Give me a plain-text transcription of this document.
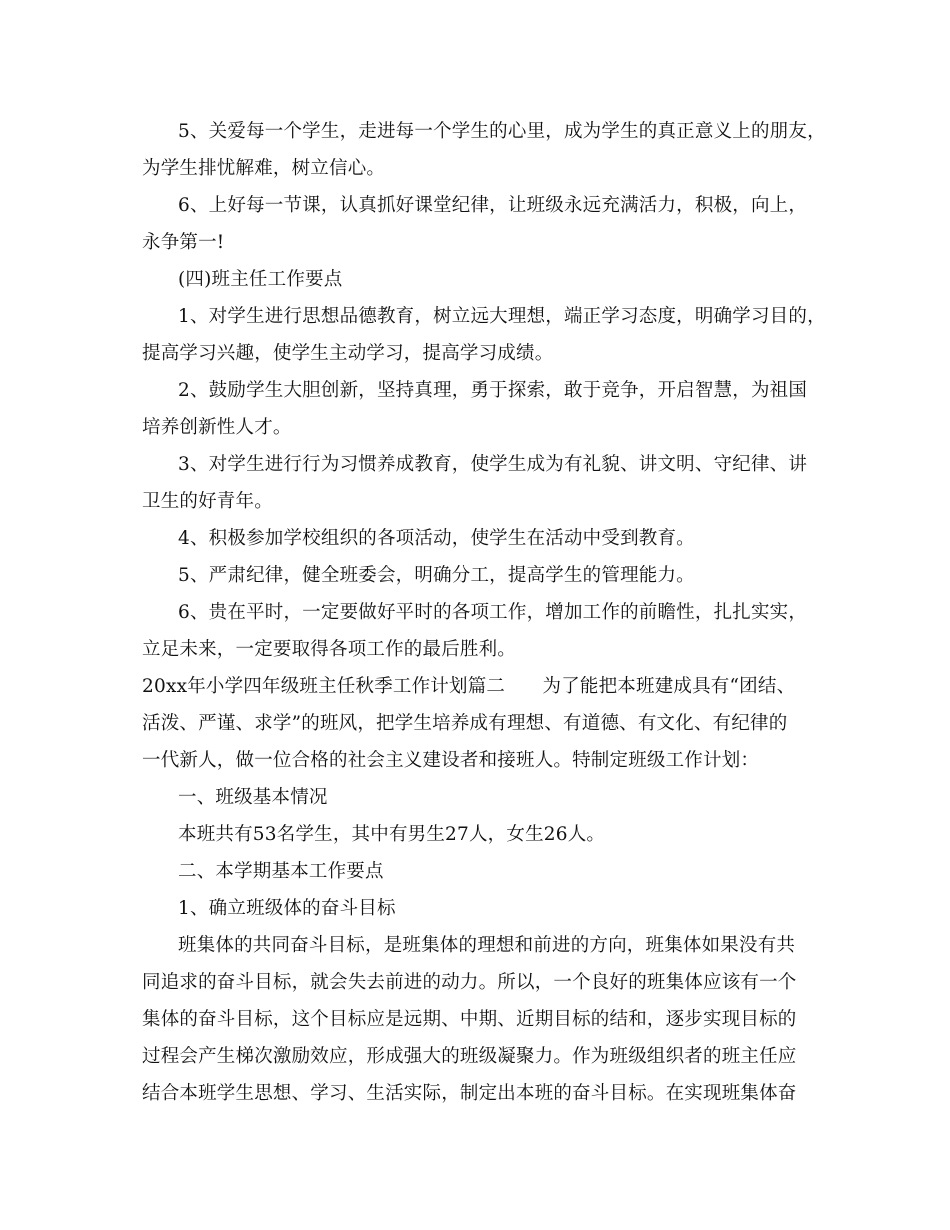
5、关爱每一个学生，走进每一个学生的心里，成为学生的真正意义上的朋友，
为学生排忧解难，树立信心。
6、上好每一节课，认真抓好课堂纪律，让班级永远充满活力，积极，向上，
永争第一!
(四)班主任工作要点
1、对学生进行思想品德教育，树立远大理想，端正学习态度，明确学习目的，
提高学习兴趣，使学生主动学习，提高学习成绩。
2、鼓励学生大胆创新，坚持真理，勇于探索，敢于竞争，开启智慧，为祖国
培养创新性人才。
3、对学生进行行为习惯养成教育，使学生成为有礼貌、讲文明、守纪律、讲
卫生的好青年。
4、积极参加学校组织的各项活动，使学生在活动中受到教育。
5、严肃纪律，健全班委会，明确分工，提高学生的管理能力。
6、贵在平时，一定要做好平时的各项工作，增加工作的前瞻性，扎扎实实，
立足未来，一定要取得各项工作的最后胜利。
20xx年小学四年级班主任秋季工作计划篇二　　为了能把本班建成具有“团结、
活泼、严谨、求学”的班风，把学生培养成有理想、有道德、有文化、有纪律的
一代新人，做一位合格的社会主义建设者和接班人。特制定班级工作计划：
一、班级基本情况
本班共有53名学生，其中有男生27人，女生26人。
二、本学期基本工作要点
1、确立班级体的奋斗目标
班集体的共同奋斗目标，是班集体的理想和前进的方向，班集体如果没有共
同追求的奋斗目标，就会失去前进的动力。所以，一个良好的班集体应该有一个
集体的奋斗目标，这个目标应是远期、中期、近期目标的结和，逐步实现目标的
过程会产生梯次激励效应，形成强大的班级凝聚力。作为班级组织者的班主任应
结合本班学生思想、学习、生活实际，制定出本班的奋斗目标。在实现班集体奋
